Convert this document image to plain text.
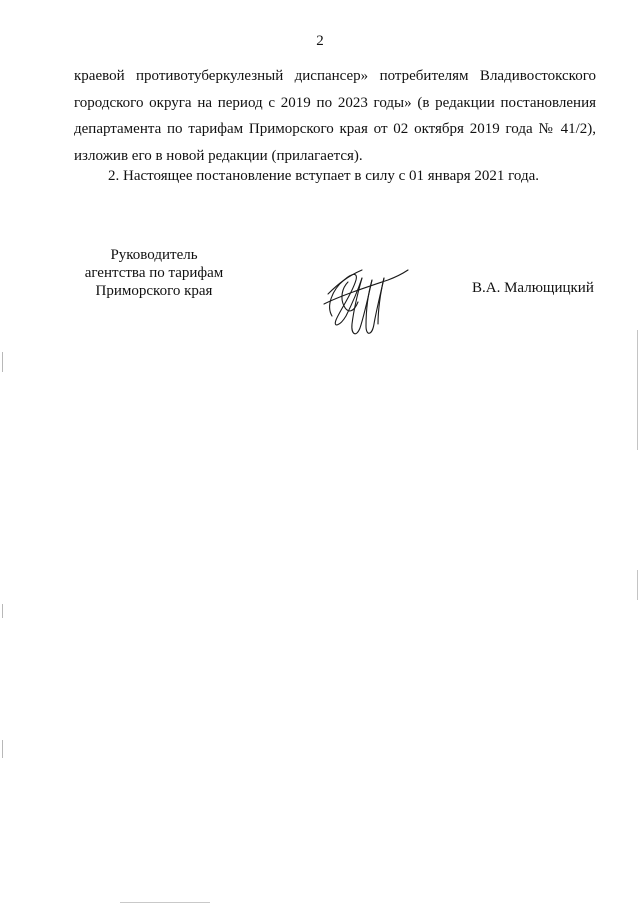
2
краевой противотуберкулезный диспансер» потребителям Владивостокского
городского округа на период с 2019 по 2023 годы» (в редакции постановления
департамента по тарифам Приморского края от 02 октября 2019 года № 41/2),
изложив его в новой редакции (прилагается).
2. Настоящее постановление вступает в силу с 01 января 2021 года.
Руководитель
агентства по тарифам
Приморского края	В.А. Малющицкий
